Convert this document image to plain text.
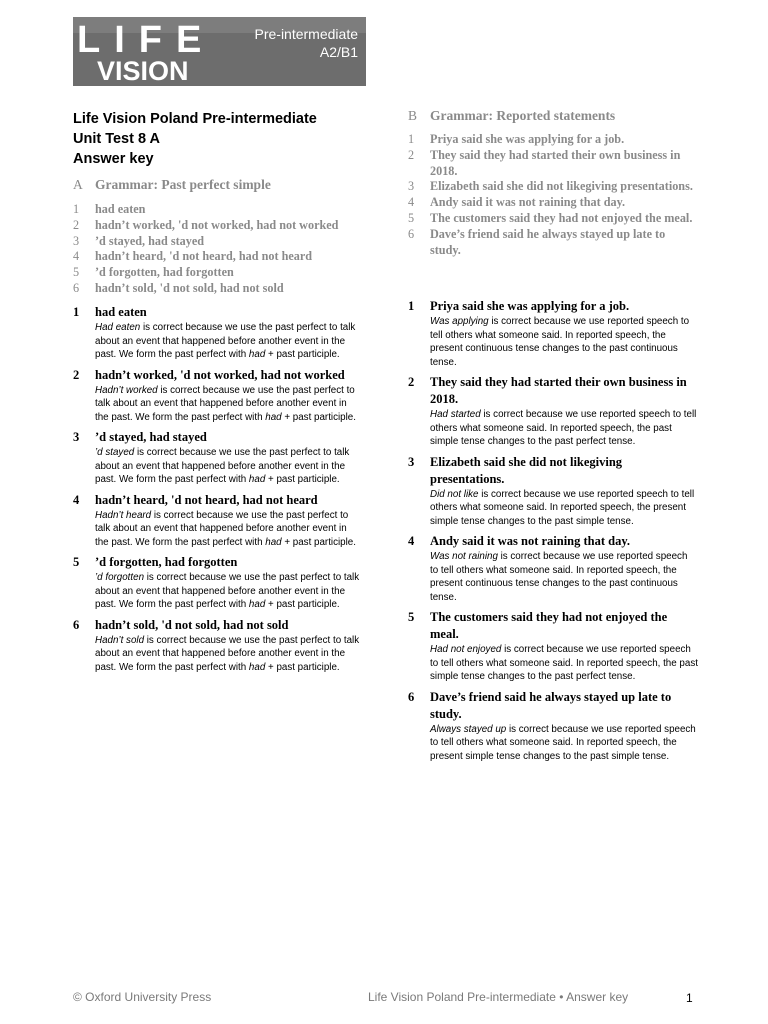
LIFE
VISION
Pre-intermediate
A2/B1
Life Vision Poland Pre-intermediate
Unit Test 8 A
Answer key
A Grammar: Past perfect simple
1 had eaten
2 hadn’t worked, 'd not worked, had not worked
3 ’d stayed, had stayed
4 hadn’t heard, 'd not heard, had not heard
5 ’d forgotten, had forgotten
6 hadn’t sold, 'd not sold, had not sold
1 had eaten
Had eaten is correct because we use the past perfect to talk about an event that happened before another event in the past. We form the past perfect with had + past participle.
2 hadn’t worked, 'd not worked, had not worked
Hadn’t worked is correct because we use the past perfect to talk about an event that happened before another event in the past. We form the past perfect with had + past participle.
3 ’d stayed, had stayed
’d stayed is correct because we use the past perfect to talk about an event that happened before another event in the past. We form the past perfect with had + past participle.
4 hadn’t heard, 'd not heard, had not heard
Hadn’t heard is correct because we use the past perfect to talk about an event that happened before another event in the past. We form the past perfect with had + past participle.
5 ’d forgotten, had forgotten
’d forgotten is correct because we use the past perfect to talk about an event that happened before another event in the past. We form the past perfect with had + past participle.
6 hadn’t sold, 'd not sold, had not sold
Hadn’t sold is correct because we use the past perfect to talk about an event that happened before another event in the past. We form the past perfect with had + past participle.
B Grammar: Reported statements
1 Priya said she was applying for a job.
2 They said they had started their own business in 2018.
3 Elizabeth said she did not likegiving presentations.
4 Andy said it was not raining that day.
5 The customers said they had not enjoyed the meal.
6 Dave’s friend said he always stayed up late to study.
1 Priya said she was applying for a job.
Was applying is correct because we use reported speech to tell others what someone said. In reported speech, the present continuous tense changes to the past continuous tense.
2 They said they had started their own business in 2018.
Had started is correct because we use reported speech to tell others what someone said. In reported speech, the past simple tense changes to the past perfect tense.
3 Elizabeth said she did not likegiving presentations.
Did not like is correct because we use reported speech to tell others what someone said. In reported speech, the present simple tense changes to the past simple tense.
4 Andy said it was not raining that day.
Was not raining is correct because we use reported speech to tell others what someone said. In reported speech, the present continuous tense changes to the past continuous tense.
5 The customers said they had not enjoyed the meal.
Had not enjoyed is correct because we use reported speech to tell others what someone said. In reported speech, the past simple tense changes to the past perfect tense.
6 Dave’s friend said he always stayed up late to study.
Always stayed up is correct because we use reported speech to tell others what someone said. In reported speech, the present simple tense changes to the past simple tense.
© Oxford University Press	Life Vision Poland Pre-intermediate • Answer key	1
